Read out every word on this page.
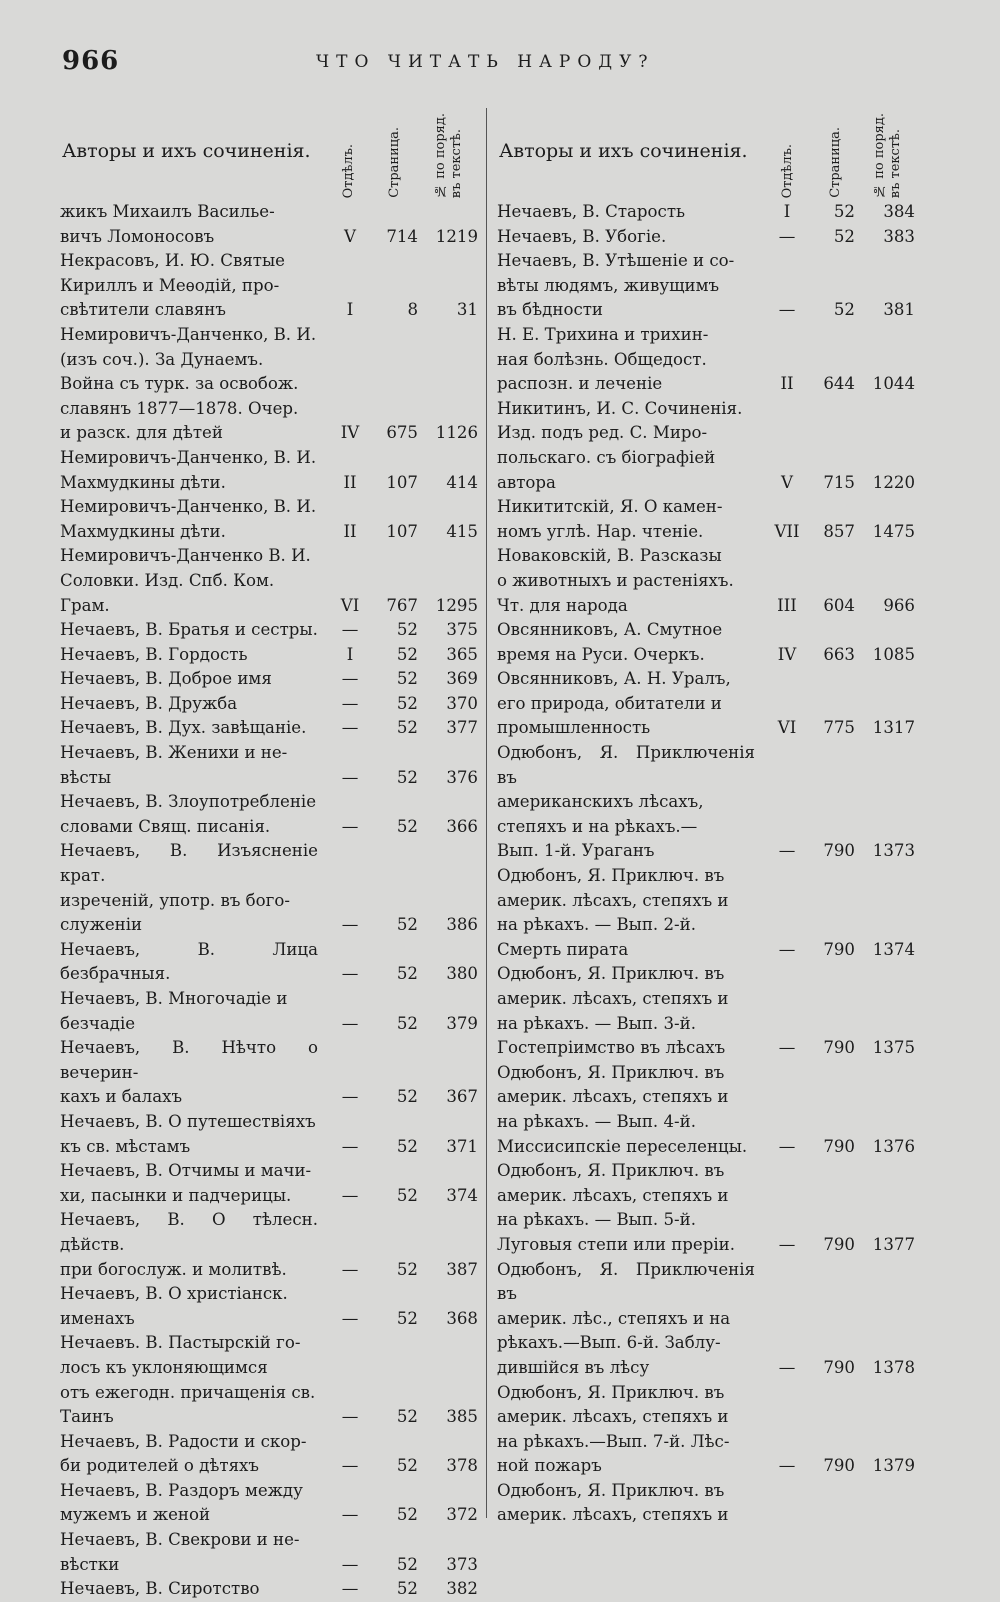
966	ЧТО ЧИТАТЬ НАРОДУ?
Авторы и ихъ сочиненія. Отдѣлъ. Страница. № по поряд. въ текстѣ.
жикъ Михаилъ Василье-
вичъ Ломоносовъ	V	714	1219
Некрасовъ, И. Ю. Святые
Кириллъ и Меѳодій, про-
свѣтители славянъ	I	8	31
Немировичъ-Данченко, В. И.
(изъ соч.). За Дунаемъ.
Война съ турк. за освобож.
славянъ 1877—1878. Очер.
и разск. для дѣтей	IV	675	1126
Немировичъ-Данченко, В. И.
Махмудкины дѣти.	II	107	414
Немировичъ-Данченко, В. И.
Махмудкины дѣти.	II	107	415
Немировичъ-Данченко В. И.
Соловки. Изд. Спб. Ком.
Грам.	VI	767	1295
Нечаевъ, В. Братья и сестры.	—	52	375
Нечаевъ, В. Гордость	I	52	365
Нечаевъ, В. Доброе имя	—	52	369
Нечаевъ, В. Дружба	—	52	370
Нечаевъ, В. Дух. завѣщаніе.	—	52	377
Нечаевъ, В. Женихи и не-
вѣсты	—	52	376
Нечаевъ, В. Злоупотребленіе
словами Свящ. писанія.	—	52	366
Нечаевъ, В. Изъясненіе крат.
изреченій, употр. въ бого-
служеніи	—	52	386
Нечаевъ, В. Лица безбрачныя.	—	52	380
Нечаевъ, В. Многочадіе и
безчадіе	—	52	379
Нечаевъ, В. Нѣчто о вечерин-
кахъ и балахъ	—	52	367
Нечаевъ, В. О путешествіяхъ
къ св. мѣстамъ	—	52	371
Нечаевъ, В. Отчимы и мачи-
хи, пасынки и падчерицы.	—	52	374
Нечаевъ, В. О тѣлесн. дѣйств.
при богослуж. и молитвѣ.	—	52	387
Нечаевъ, В. О христіанск.
именахъ	—	52	368
Нечаевъ. В. Пастырскій го-
лосъ къ уклоняющимся
отъ ежегодн. причащенія св.
Таинъ	—	52	385
Нечаевъ, В. Радости и скор-
би родителей о дѣтяхъ	—	52	378
Нечаевъ, В. Раздоръ между
мужемъ и женой	—	52	372
Нечаевъ, В. Свекрови и не-
вѣстки	—	52	373
Нечаевъ, В. Сиротство	—	52	382
Авторы и ихъ сочиненія. Отдѣлъ.	Страница. № по поряд. въ текстѣ.
Нечаевъ, В. Старость	I	52	384
Нечаевъ, В. Убогіе.	—	52	383
Нечаевъ, В. Утѣшеніе и со-
вѣты людямъ, живущимъ
въ бѣдности	—	52	381
Н. Е. Трихина и трихин-
ная болѣзнь. Общедост.
распозн. и леченіе	II	644	1044
Никитинъ, И. С. Сочиненія.
Изд. подъ ред. С. Миро-
польскаго. съ біографіей
автора	V	715	1220
Никититскій, Я. О камен-
номъ углѣ. Нар. чтеніе.	VII	857	1475
Новаковскій, В. Разсказы
о животныхъ и растеніяхъ.
Чт. для народа	III	604	966
Овсянниковъ, А. Смутное
время на Руси. Очеркъ.	IV	663	1085
Овсянниковъ, А. Н. Уралъ,
его природа, обитатели и
промышленность	VI	775	1317
Одюбонъ, Я. Приключенія въ
американскихъ лѣсахъ,
степяхъ и на рѣкахъ.—
Вып. 1-й. Ураганъ	—	790	1373
Одюбонъ, Я. Приключ. въ
америк. лѣсахъ, степяхъ и
на рѣкахъ. — Вып. 2-й.
Смерть пирата	—	790	1374
Одюбонъ, Я. Приключ. въ
америк. лѣсахъ, степяхъ и
на рѣкахъ. — Вып. 3-й.
Гостепріимство въ лѣсахъ	—	790	1375
Одюбонъ, Я. Приключ. въ
америк. лѣсахъ, степяхъ и
на рѣкахъ. — Вып. 4-й.
Миссисипскіе переселенцы.	—	790	1376
Одюбонъ, Я. Приключ. въ
америк. лѣсахъ, степяхъ и
на рѣкахъ. — Вып. 5-й.
Луговыя степи или преріи.	—	790	1377
Одюбонъ, Я. Приключенія въ
америк. лѣс., степяхъ и на
рѣкахъ.—Вып. 6-й. Заблу-
дившійся въ лѣсу	—	790	1378
Одюбонъ, Я. Приключ. въ
америк. лѣсахъ, степяхъ и
на рѣкахъ.—Вып. 7-й. Лѣс-
ной пожаръ	—	790	1379
Одюбонъ, Я. Приключ. въ
америк. лѣсахъ, степяхъ и
